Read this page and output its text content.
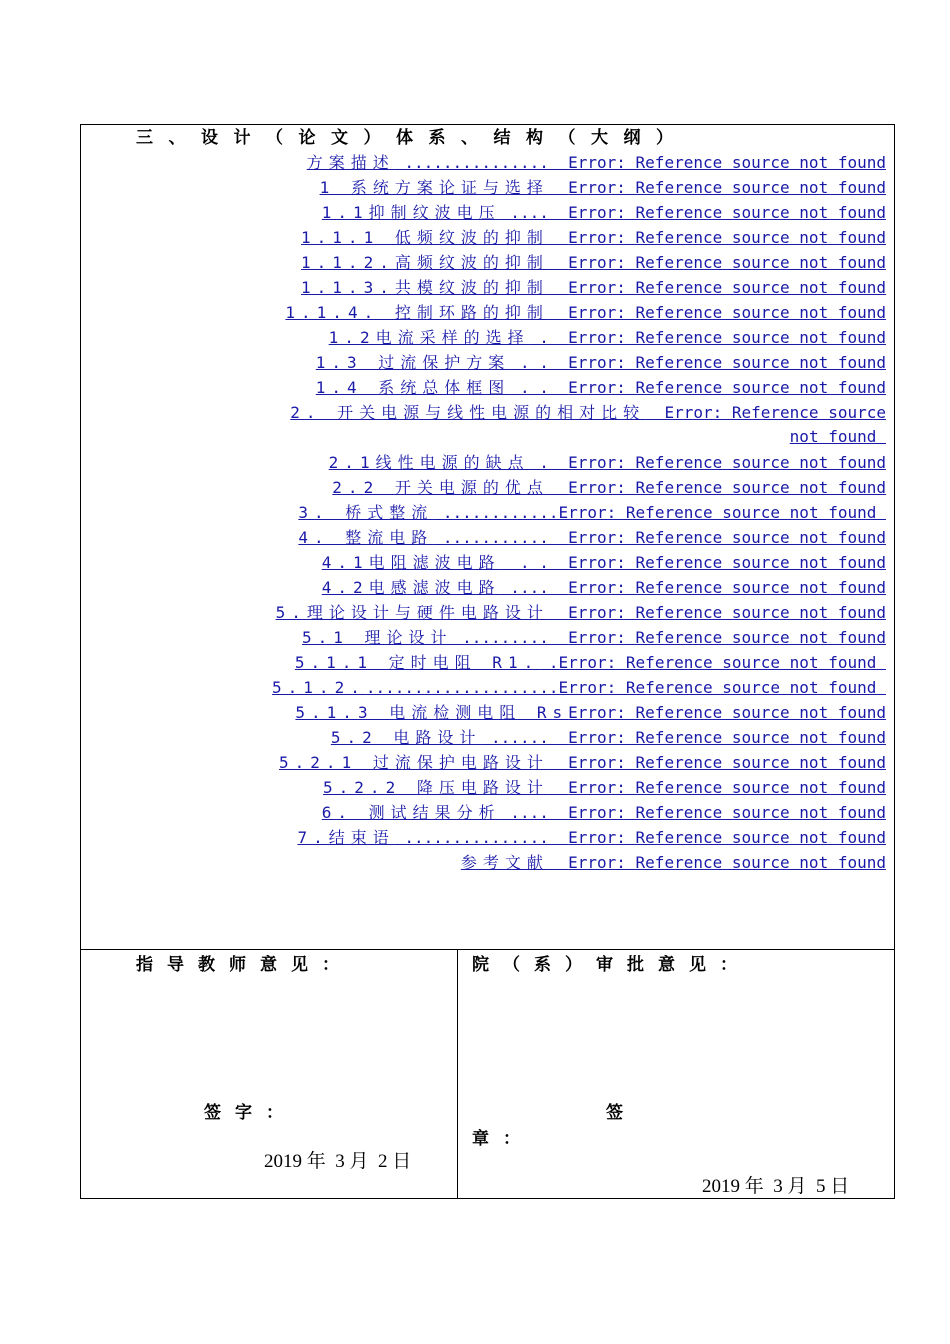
三、设计（论文）体系、结构（大纲）
方案描述 ...............  Error: Reference source not found
1 系统方案论证与选择 Error: Reference source not found
1.1抑制纹波电压 ....  Error: Reference source not found
1.1.1 低频纹波的抑制 Error: Reference source not found
1.1.2.高频纹波的抑制 Error: Reference source not found
1.1.3.共模纹波的抑制 Error: Reference source not found
1.1.4. 控制环路的抑制 Error: Reference source not found
1.2电流采样的选择 .  Error: Reference source not found
1.3 过流保护方案 . .  Error: Reference source not found
1.4 系统总体框图 . .  Error: Reference source not found
2. 开关电源与线性电源的相对比较 Error: Reference source
not found
2.1线性电源的缺点 .  Error: Reference source not found
2.2 开关电源的优点 Error: Reference source not found
3. 桥式整流 ............Error: Reference source not found
4. 整流电路 ...........  Error: Reference source not found
4.1电阻滤波电路  . .  Error: Reference source not found
4.2电感滤波电路 ....  Error: Reference source not found
5.理论设计与硬件电路设计 Error: Reference source not found
5.1 理论设计 .........  Error: Reference source not found
5.1.1 定时电阻 R1. .Error: Reference source not found
5.1.2.....................Error: Reference source not found
5.1.3 电流检测电阻 RsError: Reference source not found
5.2 电路设计 ......  Error: Reference source not found
5.2.1 过流保护电路设计 Error: Reference source not found
5.2.2 降压电路设计 Error: Reference source not found
6. 测试结果分析 ....  Error: Reference source not found
7.结束语 ...............  Error: Reference source not found
参考文献 Error: Reference source not found
指导教师意见：
签字：
2019 年  3 月  2 日
院（系）审批意见：
签
章：
2019 年  3 月  5 日
